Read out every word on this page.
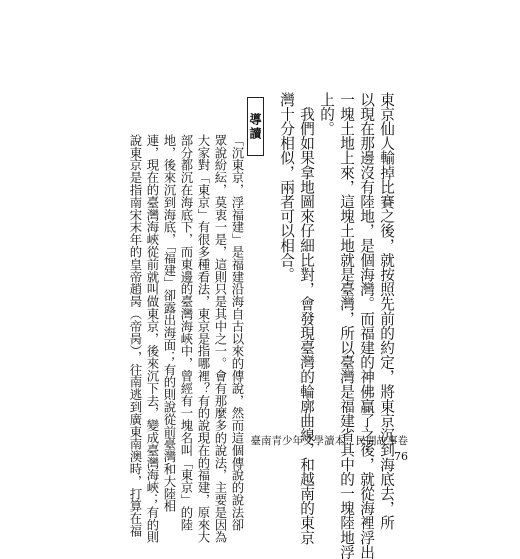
東京仙人輸掉比賽之後，就按照先前的約定，將東京沉到海底去，所
以現在那邊沒有陸地，是個海灣。而福建的神佛贏了之後，就從海裡浮出
一塊土地上來，這塊土地就是臺灣，所以臺灣是福建省其中的一塊陸地浮
上的。
　我們如果拿地圖來仔細比對，會發現臺灣的輪廓曲線，和越南的東京
灣十分相似，兩者可以相合。
導讀
「沉東京，浮福建」是福建沿海自古以來的傳說，然而這個傳說的說法卻
眾說紛紜，莫衷一是，這則只是其中之一。會有那麼多的說法，主要是因為
大家對「東京」有很多種看法，東京是指哪裡？有的說現在的福建，原來大
部分都沉在海底下，而東邊的臺灣海峽中，曾經有一塊名叫「東京」的陸
地，後來沉到海底，「福建」卻露出海面；有的則說從前臺灣和大陸相
連，現在的臺灣海峽從前就叫做東京，後來沉下去，變成臺灣海峽；有的則
說東京是指南宋末年的皇帝趙昺（帝昺），往南逃到廣東南澳時，打算在福	臺南青少年文學讀本：民間故事卷
76
